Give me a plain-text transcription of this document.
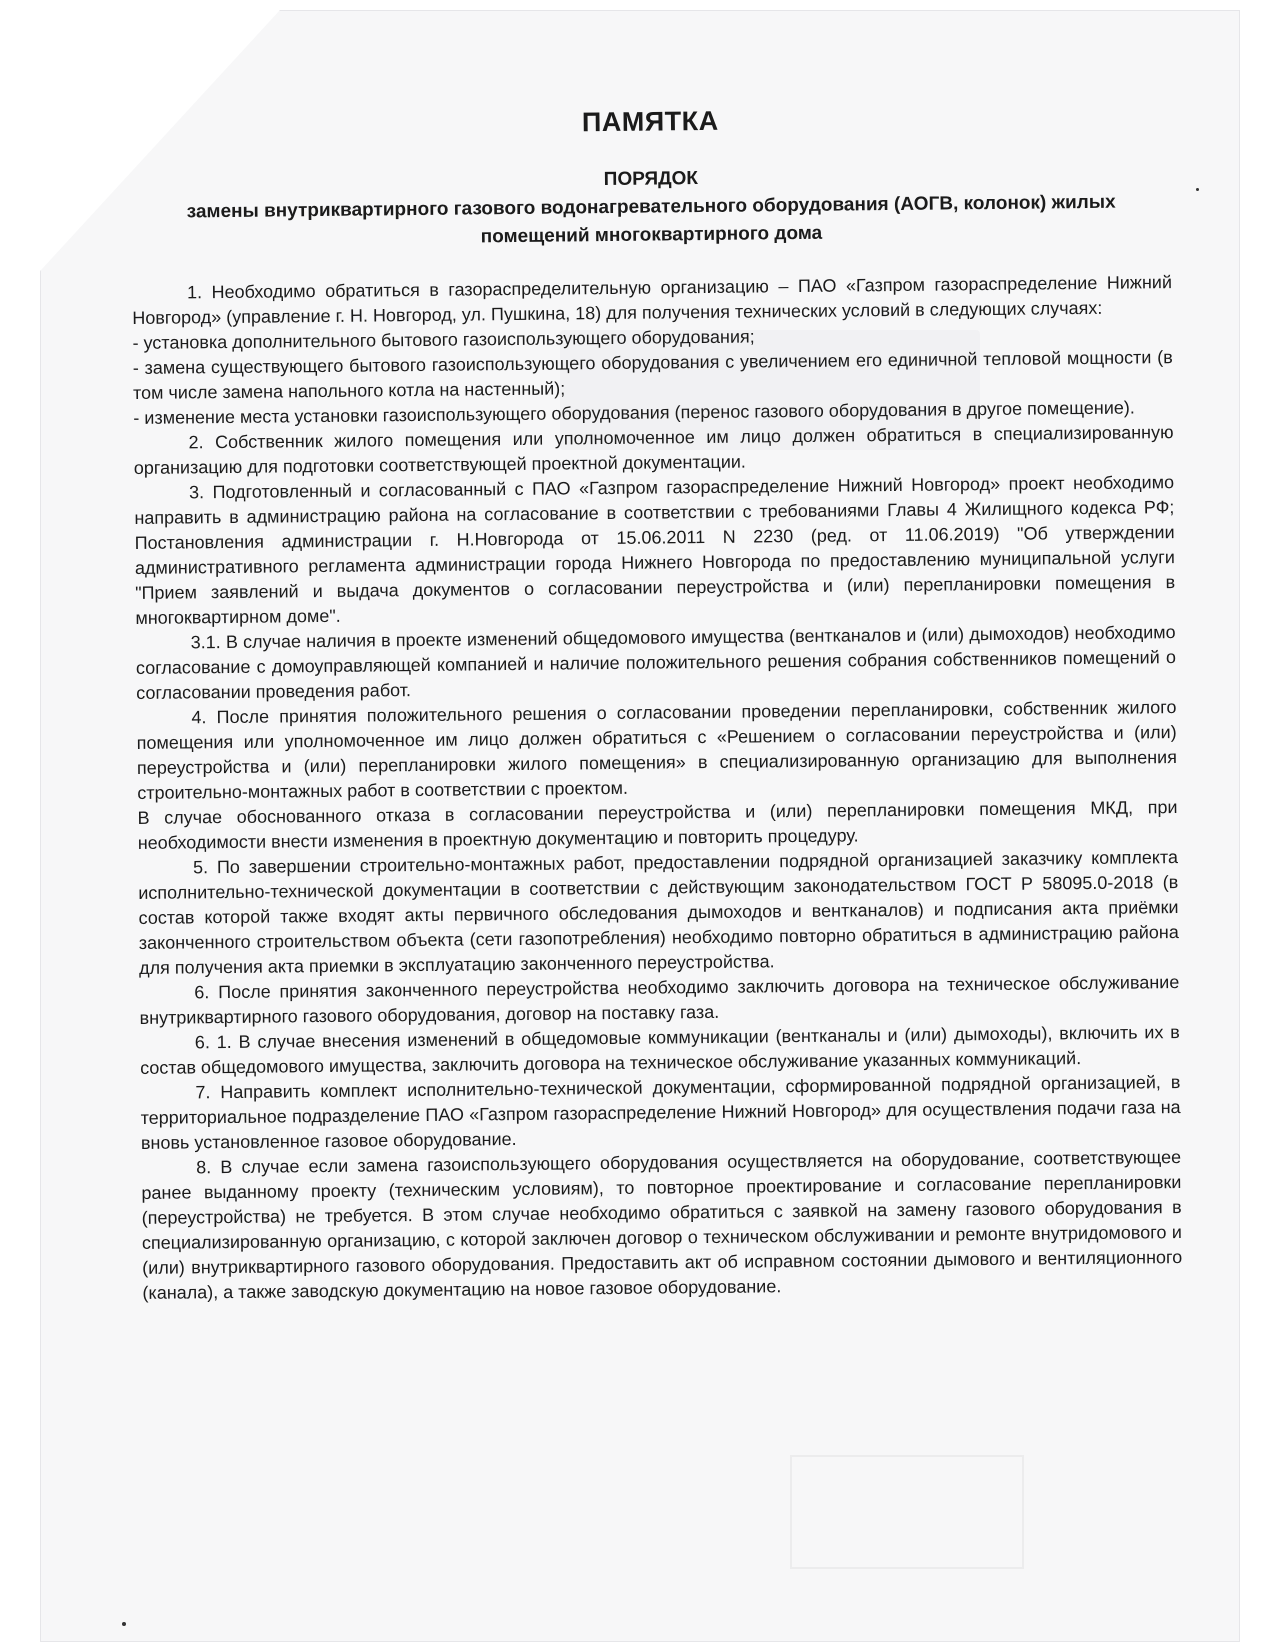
ПАМЯТКА

ПОРЯДОК

замены внутриквартирного газового водонагревательного оборудования (АОГВ, колонок) жилых

помещений многоквартирного дома

1. Необходимо обратиться в газораспределительную организацию – ПАО «Газпром газораспределение Нижний Новгород» (управление г. Н. Новгород, ул. Пушкина, 18) для получения технических условий в следующих случаях:

- установка дополнительного бытового газоиспользующего оборудования;

- замена существующего бытового газоиспользующего оборудования с увеличением его единичной тепловой мощности (в том числе замена напольного котла на настенный);

- изменение места установки газоиспользующего оборудования (перенос газового оборудования в другое помещение).

2. Собственник жилого помещения или уполномоченное им лицо должен обратиться в специализированную организацию для подготовки соответствующей проектной документации.

3. Подготовленный и согласованный с ПАО «Газпром газораспределение Нижний Новгород» проект необходимо направить в администрацию района на согласование в соответствии с требованиями Главы 4 Жилищного кодекса РФ; Постановления администрации г. Н.Новгорода от 15.06.2011 N 2230 (ред. от 11.06.2019) "Об утверждении административного регламента администрации города Нижнего Новгорода по предоставлению муниципальной услуги "Прием заявлений и выдача документов о согласовании переустройства и (или) перепланировки помещения в многоквартирном доме".

3.1. В случае наличия в проекте изменений общедомового имущества (вентканалов и (или) дымоходов) необходимо согласование с домоуправляющей компанией и наличие положительного решения собрания собственников помещений о согласовании проведения работ.

4. После принятия положительного решения о согласовании проведении перепланировки, собственник жилого помещения или уполномоченное им лицо должен обратиться с «Решением о согласовании переустройства и (или) переустройства и (или) перепланировки жилого помещения» в специализированную организацию для выполнения строительно-монтажных работ в соответствии с проектом.

В случае обоснованного отказа в согласовании переустройства и (или) перепланировки помещения МКД, при необходимости внести изменения в проектную документацию и повторить процедуру.

5. По завершении строительно-монтажных работ, предоставлении подрядной организацией заказчику комплекта исполнительно-технической документации в соответствии с действующим законодательством ГОСТ Р 58095.0-2018 (в состав которой также входят акты первичного обследования дымоходов и вентканалов) и подписания акта приёмки законченного строительством объекта (сети газопотребления) необходимо повторно обратиться в администрацию района для получения акта приемки в эксплуатацию законченного переустройства.

6. После принятия законченного переустройства необходимо заключить договора на техническое обслуживание внутриквартирного газового оборудования, договор на поставку газа.

6. 1. В случае внесения изменений в общедомовые коммуникации (вентканалы и (или) дымоходы), включить их в состав общедомового имущества, заключить договора на техническое обслуживание указанных коммуникаций.

7. Направить комплект исполнительно-технической документации, сформированной подрядной организацией, в территориальное подразделение ПАО «Газпром газораспределение Нижний Новгород» для осуществления подачи газа на вновь установленное газовое оборудование.

8. В случае если замена газоиспользующего оборудования осуществляется на оборудование, соответствующее ранее выданному проекту (техническим условиям), то повторное проектирование и согласование перепланировки (переустройства) не требуется. В этом случае необходимо обратиться с заявкой на замену газового оборудования в специализированную организацию, с которой заключен договор о техническом обслуживании и ремонте внутридомового и (или) внутриквартирного газового оборудования. Предоставить акт об исправном состоянии дымового и вентиляционного (канала), а также заводскую документацию на новое газовое оборудование.
